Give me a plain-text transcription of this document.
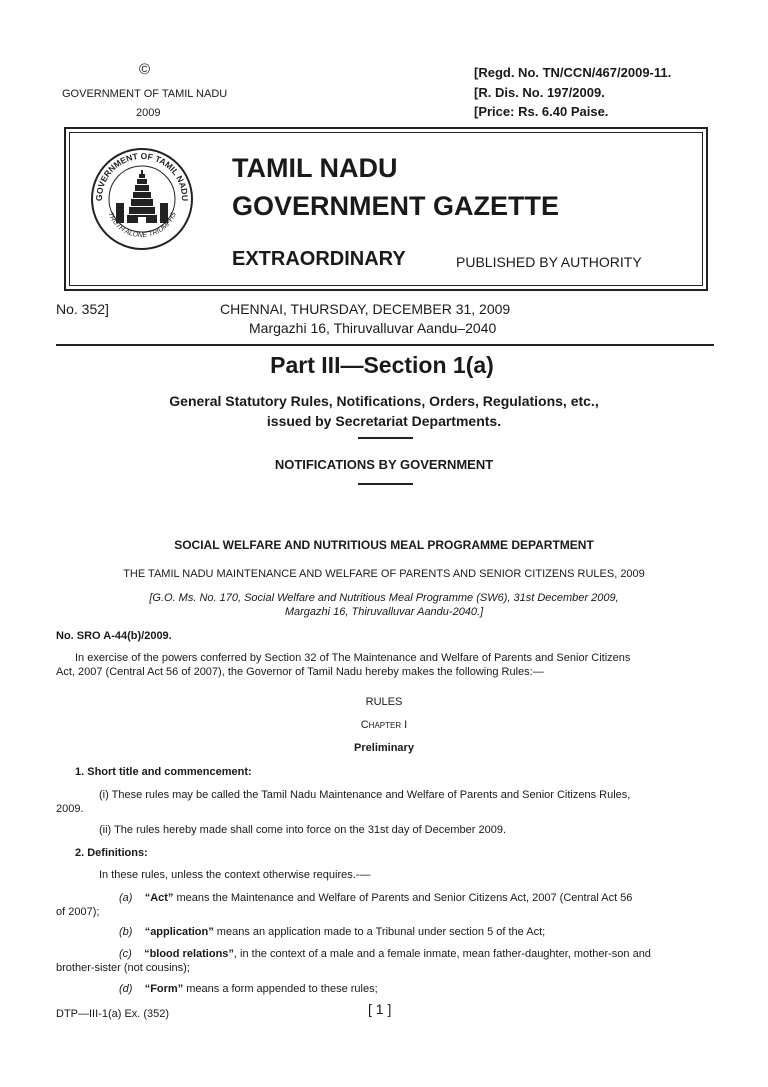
©
GOVERNMENT OF TAMIL NADU
2009
[Regd. No. TN/CCN/467/2009-11.
[R. Dis. No. 197/2009.
[Price: Rs. 6.40 Paise.
GOVERNMENT OF TAMIL NADU
TRUTH ALONE TRIUMPHS
TAMIL NADU
GOVERNMENT GAZETTE
EXTRAORDINARY	PUBLISHED BY AUTHORITY
No. 352]	CHENNAI, THURSDAY, DECEMBER 31, 2009
Margazhi 16, Thiruvalluvar Aandu–2040
Part III—Section 1(a)
General Statutory Rules, Notifications, Orders, Regulations, etc.,
issued by Secretariat Departments.
NOTIFICATIONS BY GOVERNMENT
SOCIAL WELFARE AND NUTRITIOUS MEAL PROGRAMME DEPARTMENT
THE TAMIL NADU MAINTENANCE AND WELFARE OF PARENTS AND SENIOR CITIZENS RULES, 2009
[G.O. Ms. No. 170, Social Welfare and Nutritious Meal Programme (SW6), 31st December 2009,
Margazhi 16, Thiruvalluvar Aandu-2040.]
No. SRO A-44(b)/2009.
In exercise of the powers conferred by Section 32 of The Maintenance and Welfare of Parents and Senior Citizens
Act, 2007 (Central Act 56 of 2007), the Governor of Tamil Nadu hereby makes the following Rules:—
RULES
Chapter I
Preliminary
1. Short title and commencement:
(i) These rules may be called the Tamil Nadu Maintenance and Welfare of Parents and Senior Citizens Rules,
2009.
(ii) The rules hereby made shall come into force on the 31st day of December 2009.
2. Definitions:
In these rules, unless the context otherwise requires.-—
(a) “Act” means the Maintenance and Welfare of Parents and Senior Citizens Act, 2007 (Central Act 56
of 2007);
(b) “application” means an application made to a Tribunal under section 5 of the Act;
(c) “blood relations”, in the context of a male and a female inmate, mean father-daughter, mother-son and
brother-sister (not cousins);
(d) “Form” means a form appended to these rules;
DTP—III-1(a) Ex. (352)	[ 1 ]
